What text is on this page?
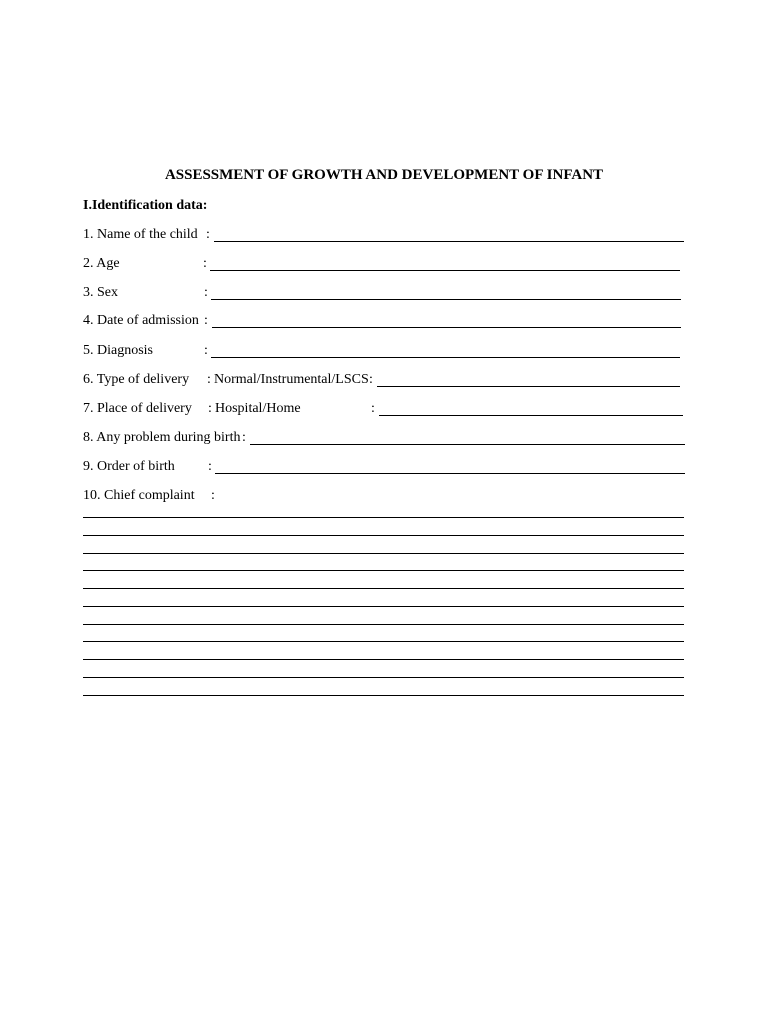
ASSESSMENT OF GROWTH AND DEVELOPMENT OF INFANT
I.Identification data:
1. Name of the child :
2. Age	:
3. Sex	:
4. Date of admission :
5. Diagnosis	:
6. Type of delivery : Normal/Instrumental/LSCS :
7. Place of delivery : Hospital/Home	:
8. Any problem during birth :
9. Order of birth :
10. Chief complaint :
